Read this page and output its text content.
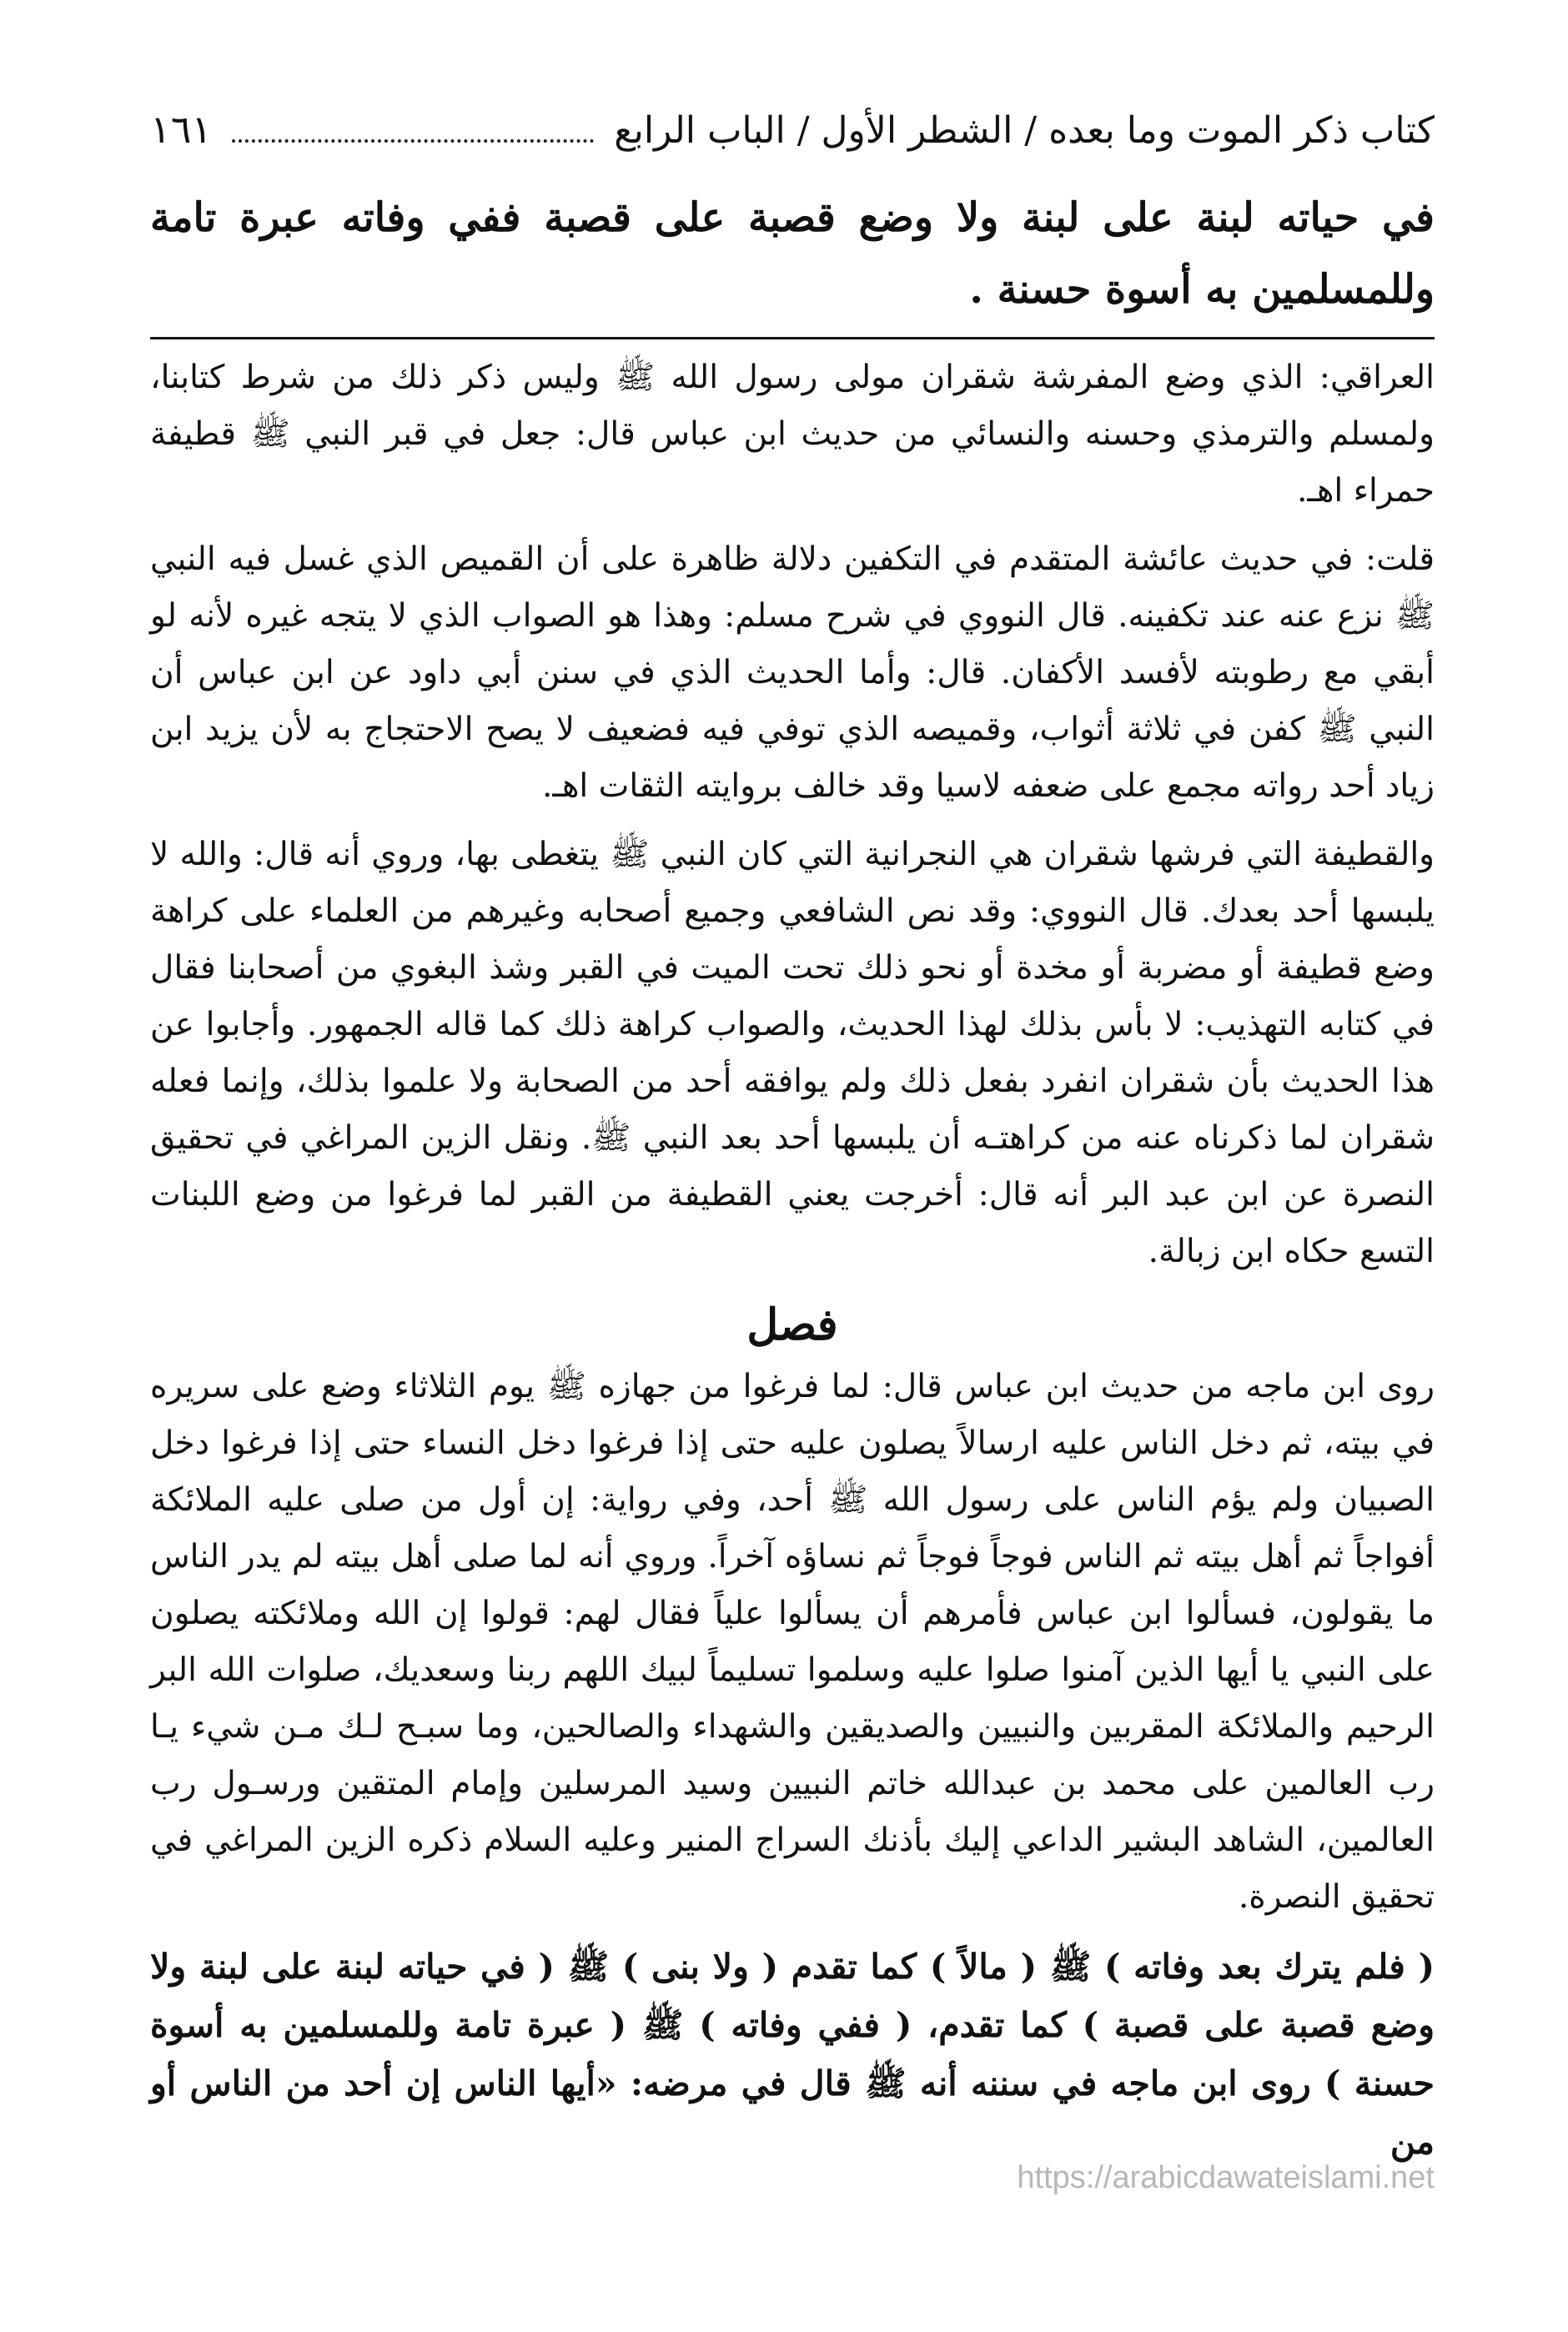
كتاب ذكر الموت وما بعده / الشطر الأول / الباب الرابع
١٦١
في حياته لبنة على لبنة ولا وضع قصبة على قصبة ففي وفاته عبرة تامة وللمسلمين به أسوة حسنة .

العراقي: الذي وضع المفرشة شقران مولى رسول الله ﷺ وليس ذكر ذلك من شرط كتابنا، ولمسلم والترمذي وحسنه والنسائي من حديث ابن عباس قال: جعل في قبر النبي ﷺ قطيفة حمراء اهـ.

قلت: في حديث عائشة المتقدم في التكفين دلالة ظاهرة على أن القميص الذي غسل فيه النبي ﷺ نزع عنه عند تكفينه. قال النووي في شرح مسلم: وهذا هو الصواب الذي لا يتجه غيره لأنه لو أبقي مع رطوبته لأفسد الأكفان. قال: وأما الحديث الذي في سنن أبي داود عن ابن عباس أن النبي ﷺ كفن في ثلاثة أثواب، وقميصه الذي توفي فيه فضعيف لا يصح الاحتجاج به لأن يزيد ابن زياد أحد رواته مجمع على ضعفه لاسيا وقد خالف بروايته الثقات اهـ.

والقطيفة التي فرشها شقران هي النجرانية التي كان النبي ﷺ يتغطى بها، وروي أنه قال: والله لا يلبسها أحد بعدك. قال النووي: وقد نص الشافعي وجميع أصحابه وغيرهم من العلماء على كراهة وضع قطيفة أو مضربة أو مخدة أو نحو ذلك تحت الميت في القبر وشذ البغوي من أصحابنا فقال في كتابه التهذيب: لا بأس بذلك لهذا الحديث، والصواب كراهة ذلك كما قاله الجمهور. وأجابوا عن هذا الحديث بأن شقران انفرد بفعل ذلك ولم يوافقه أحد من الصحابة ولا علموا بذلك، وإنما فعله شقران لما ذكرناه عنه من كراهتـه أن يلبسها أحد بعد النبي ﷺ. ونقل الزين المراغي في تحقيق النصرة عن ابن عبد البر أنه قال: أخرجت يعني القطيفة من القبر لما فرغوا من وضع اللبنات التسع حكاه ابن زبالة.

فصل

روى ابن ماجه من حديث ابن عباس قال: لما فرغوا من جهازه ﷺ يوم الثلاثاء وضع على سريره في بيته، ثم دخل الناس عليه ارسالاً يصلون عليه حتى إذا فرغوا دخل النساء حتى إذا فرغوا دخل الصبيان ولم يؤم الناس على رسول الله ﷺ أحد، وفي رواية: إن أول من صلى عليه الملائكة أفواجاً ثم أهل بيته ثم الناس فوجاً فوجاً ثم نساؤه آخراً. وروي أنه لما صلى أهل بيته لم يدر الناس ما يقولون، فسألوا ابن عباس فأمرهم أن يسألوا علياً فقال لهم: قولوا إن الله وملائكته يصلون على النبي يا أيها الذين آمنوا صلوا عليه وسلموا تسليماً لبيك اللهم ربنا وسعديك، صلوات الله البر الرحيم والملائكة المقربين والنبيين والصديقين والشهداء والصالحين، وما سبـح لـك مـن شيء يـا رب العالمين على محمد بن عبدالله خاتم النبيين وسيد المرسلين وإمام المتقين ورسـول رب العالمين، الشاهد البشير الداعي إليك بأذنك السراج المنير وعليه السلام ذكره الزين المراغي في تحقيق النصرة.

( فلم يترك بعد وفاته ) ﷺ ( مالاً ) كما تقدم ( ولا بنى ) ﷺ ( في حياته لبنة على لبنة ولا وضع قصبة على قصبة ) كما تقدم، ( ففي وفاته ) ﷺ ( عبرة تامة وللمسلمين به أسوة حسنة ) روى ابن ماجه في سننه أنه ﷺ قال في مرضه: «أيها الناس إن أحد من الناس أو من

https://arabicdawateislami.net
